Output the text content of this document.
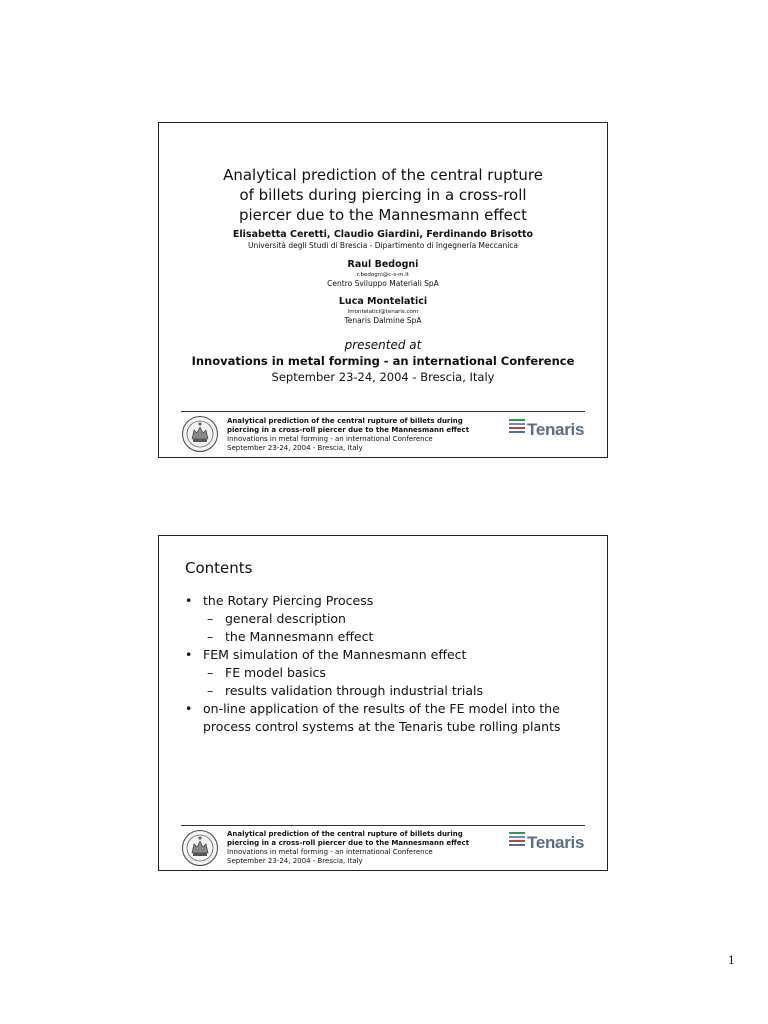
Analytical prediction of the central rupture
of billets during piercing in a cross-roll
piercer due to the Mannesmann effect
Elisabetta Ceretti, Claudio Giardini, Ferdinando Brisotto
Università degli Studi di Brescia - Dipartimento di Ingegneria Meccanica
Raul Bedogni
r.bedogni@c-s-m.it
Centro Sviluppo Materiali SpA
Luca Montelatici
lmontelatici@tenaris.com
Tenaris Dalmine SpA
presented at
Innovations in metal forming - an international Conference
September 23-24, 2004 - Brescia, Italy
Analytical prediction of the central rupture of billets during
piercing in a cross-roll piercer due to the Mannesmann effect
Innovations in metal forming - an international Conference
September 23-24, 2004 - Brescia, Italy
Tenaris
Contents
• the Rotary Piercing Process
– general description
– the Mannesmann effect
• FEM simulation of the Mannesmann effect
– FE model basics
– results validation through industrial trials
• on-line application of the results of the FE model into the process control systems at the Tenaris tube rolling plants
Analytical prediction of the central rupture of billets during
piercing in a cross-roll piercer due to the Mannesmann effect
Innovations in metal forming - an international Conference
September 23-24, 2004 - Brescia, Italy
Tenaris
1
